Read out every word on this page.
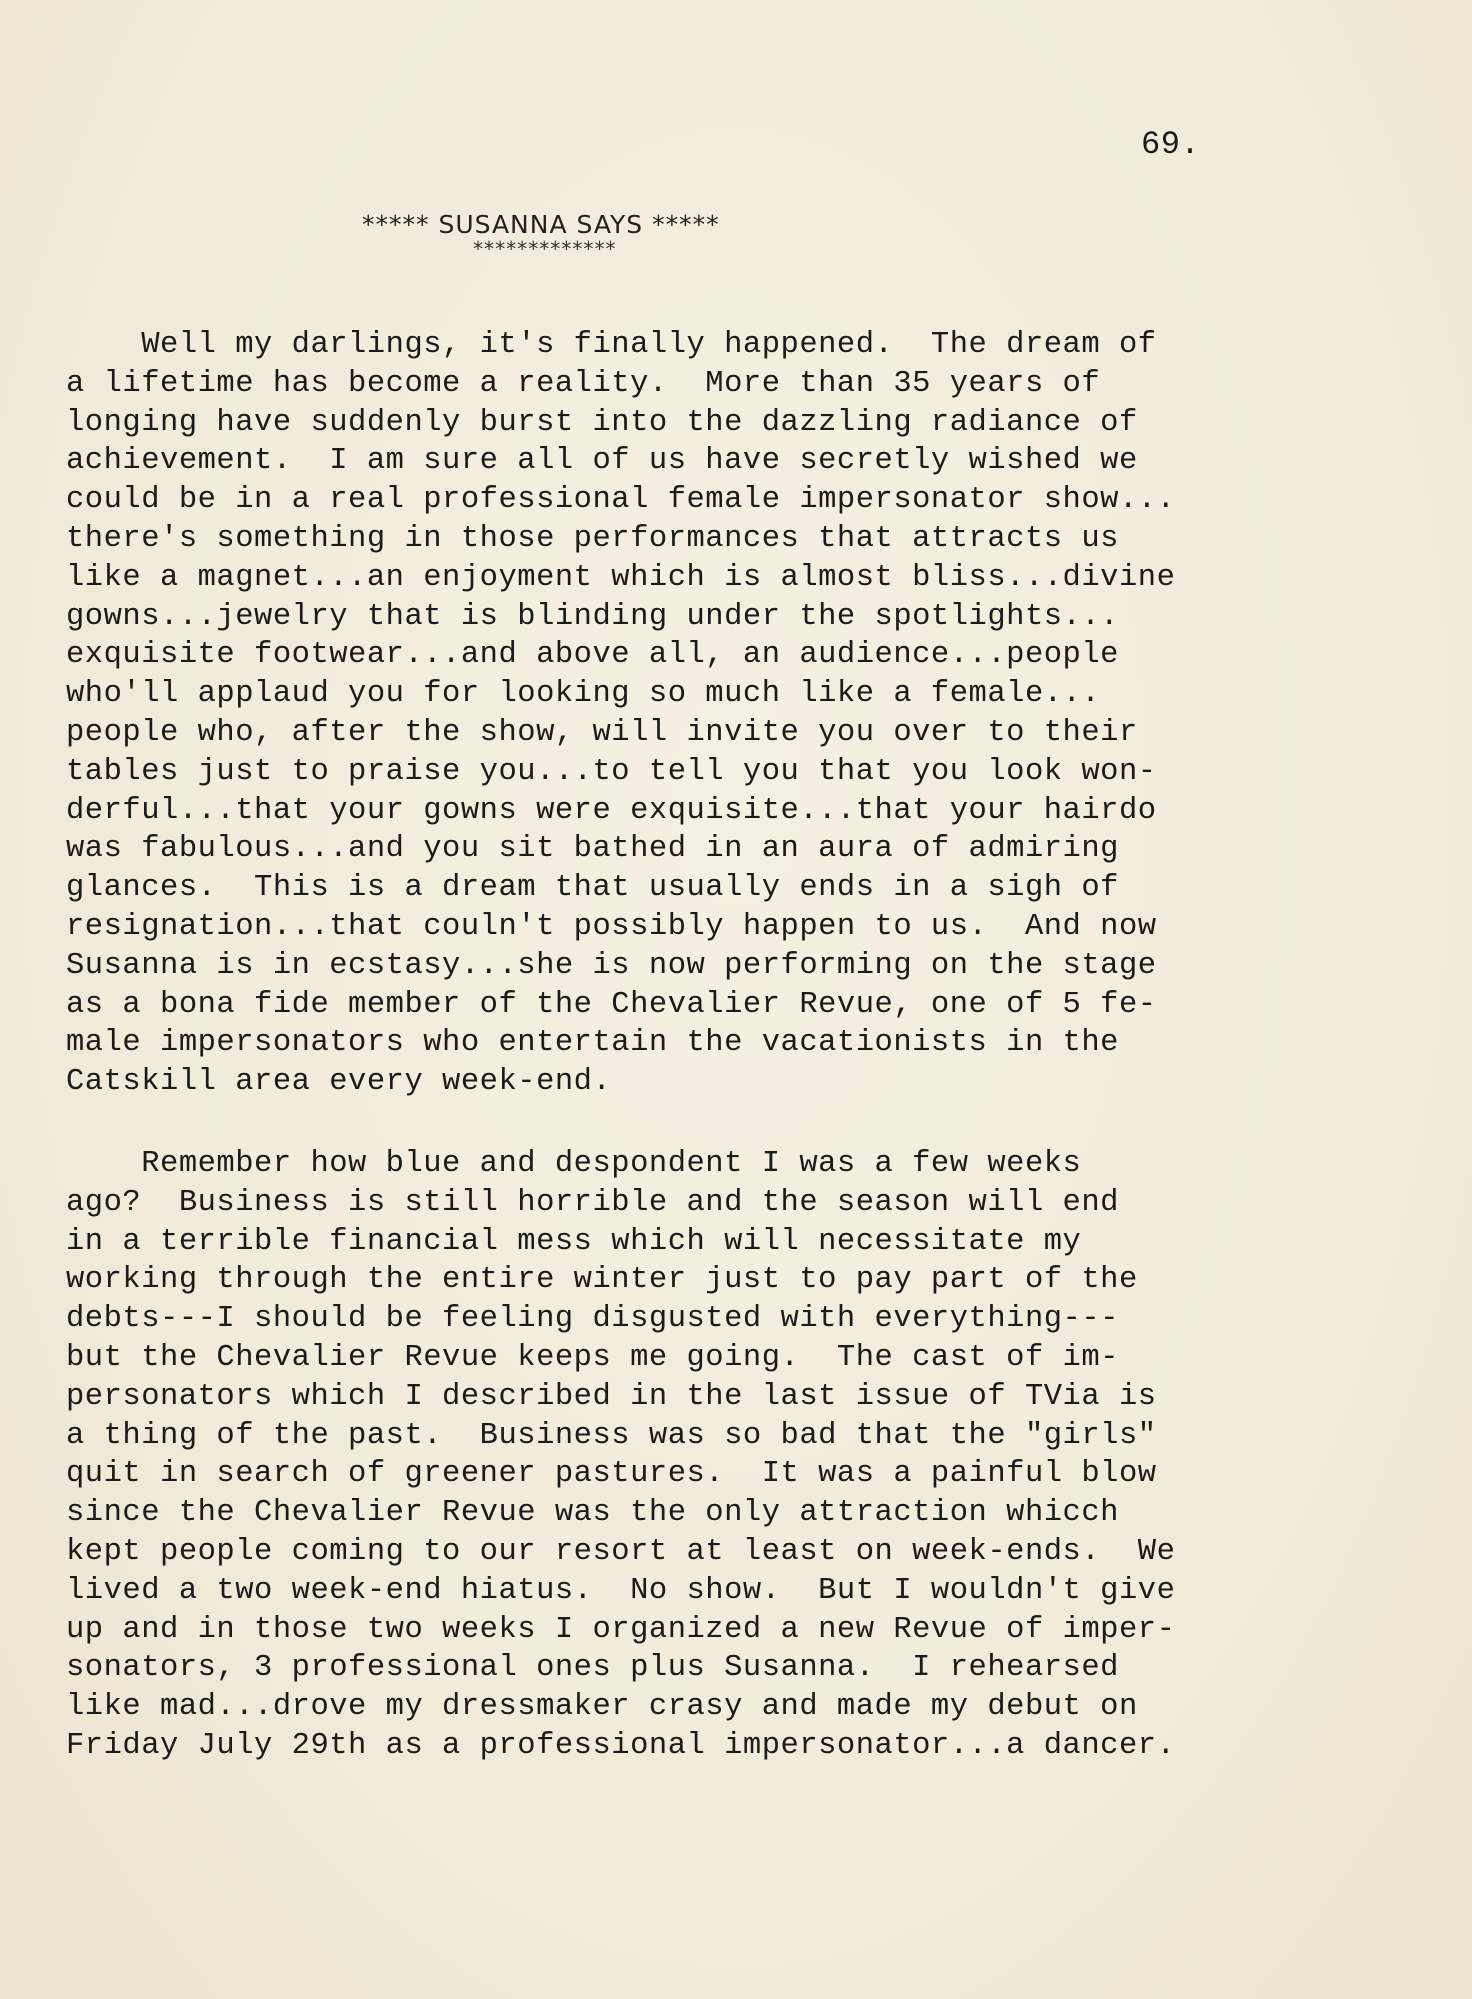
69.
***** SUSANNA SAYS *****
*************
Well my darlings, it's finally happened.  The dream of
a lifetime has become a reality.  More than 35 years of
longing have suddenly burst into the dazzling radiance of
achievement.  I am sure all of us have secretly wished we
could be in a real professional female impersonator show...
there's something in those performances that attracts us
like a magnet...an enjoyment which is almost bliss...divine
gowns...jewelry that is blinding under the spotlights...
exquisite footwear...and above all, an audience...people
who'll applaud you for looking so much like a female...
people who, after the show, will invite you over to their
tables just to praise you...to tell you that you look won-
derful...that your gowns were exquisite...that your hairdo
was fabulous...and you sit bathed in an aura of admiring
glances.  This is a dream that usually ends in a sigh of
resignation...that couln't possibly happen to us.  And now
Susanna is in ecstasy...she is now performing on the stage
as a bona fide member of the Chevalier Revue, one of 5 fe-
male impersonators who entertain the vacationists in the
Catskill area every week-end.
Remember how blue and despondent I was a few weeks
ago?  Business is still horrible and the season will end
in a terrible financial mess which will necessitate my
working through the entire winter just to pay part of the
debts---I should be feeling disgusted with everything---
but the Chevalier Revue keeps me going.  The cast of im-
personators which I described in the last issue of TVia is
a thing of the past.  Business was so bad that the "girls"
quit in search of greener pastures.  It was a painful blow
since the Chevalier Revue was the only attraction whicch
kept people coming to our resort at least on week-ends.  We
lived a two week-end hiatus.  No show.  But I wouldn't give
up and in those two weeks I organized a new Revue of imper-
sonators, 3 professional ones plus Susanna.  I rehearsed
like mad...drove my dressmaker crasy and made my debut on
Friday July 29th as a professional impersonator...a dancer.
